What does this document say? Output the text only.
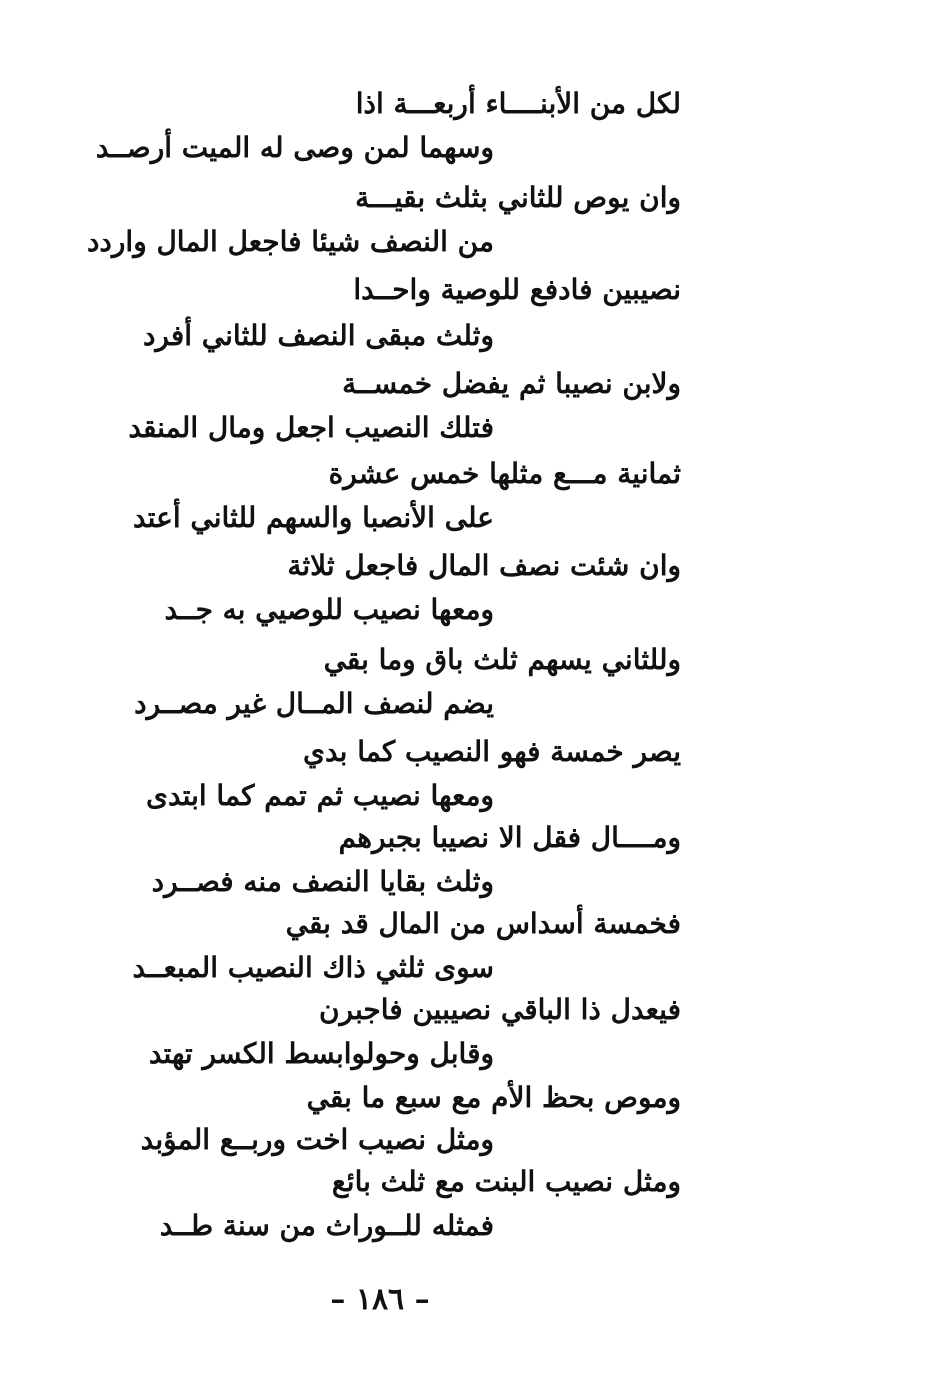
لكل من الأبنــــاء أربعـــة اذا
وسهما لمن وصى له الميت أرصــد
وان يوص للثاني بثلث بقيـــة
من النصف شيئا فاجعل المال واردد
نصيبين فادفع للوصية واحــدا
وثلث مبقى النصف للثاني أفرد
ولابن نصيبا ثم يفضل خمســة
فتلك النصيب اجعل ومال المنقد
ثمانية مـــع مثلها خمس عشرة
على الأنصبا والسهم للثاني أعتد
وان شئت نصف المال فاجعل ثلاثة
ومعها نصيب للوصيي به جــد
وللثاني يسهم ثلث باق وما بقي
يضم لنصف المــال غير مصــرد
يصر خمسة فهو النصيب كما بدي
ومعها نصيب ثم تمم كما ابتدى
ومــــال فقل الا نصيبا بجبرهم
وثلث بقايا النصف منه فصــرد
فخمسة أسداس من المال قد بقي
سوى ثلثي ذاك النصيب المبعــد
فيعدل ذا الباقي نصيبين فاجبرن
وقابل وحولوابسط الكسر تهتد
وموص بحظ الأم مع سبع ما بقي
ومثل نصيب اخت وربــع المؤبد
ومثل نصيب البنت مع ثلث بائع
فمثله للــوراث من سنة طــد
– ١٨٦ –
